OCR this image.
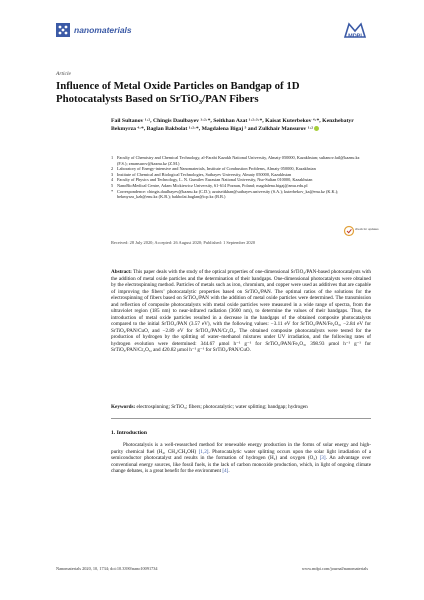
nanomaterials
MDPI
Article
Influence of Metal Oxide Particles on Bandgap of 1D Photocatalysts Based on SrTiO₃/PAN Fibers
Fail Sultanov ¹·², Chingis Daulbayev ¹·²·*, Seitkhan Azat ¹·²·³·*, Kaisat Kuterbekov ⁴·*, Kenzhebatyr Bekmyrza ⁴·*, Baglan Bakbolat ¹·²·*, Magdalena Bigaj ⁵ and Zulkhair Mansurov ¹·²
1 Faculty of Chemistry and Chemical Technology, al-Farabi Kazakh National University, Almaty 050000, Kazakhstan; sultanov.fail@kaznu.kz (F.S.); zmansurov@kaznu.kz (Z.M.)
2 Laboratory of Energy-intensive and Nanomaterials, Institute of Combustion Problems, Almaty 050000, Kazakhstan
3 Institute of Chemical and Biological Technologies, Satbayev University, Almaty 050000, Kazakhstan
4 Faculty of Physics and Technology, L. N. Gumilev Eurasian National University, Nur-Sultan 010000, Kazakhstan
5 NanoBioMedical Centre, Adam Mickiewicz University, 61-614 Poznan, Poland; magdalena.bigaj@amu.edu.pl
* Correspondence: chingis.daulbayev@kaznu.kz (C.D.); azatseitkhan@satbayev.university (S.A.); kuterbekov_ka@enu.kz (K.K.); bekmyrza_kzh@enu.kz (K.B.); bakbolat.baglan@icp.kz (B.B.)
check for updates
Received: 28 July 2020; Accepted: 26 August 2020; Published: 1 September 2020
Abstract: This paper deals with the study of the optical properties of one-dimensional SrTiO₃/PAN-based photocatalysts with the addition of metal oxide particles and the determination of their bandgaps. One-dimensional photocatalysts were obtained by the electrospinning method. Particles of metals such as iron, chromium, and copper were used as additives that are capable of improving the fibers’ photocatalytic properties based on SrTiO₃/PAN. The optimal ratios of the solutions for the electrospinning of fibers based on SrTiO₃/PAN with the addition of metal oxide particles were determined. The transmission and reflection of composite photocatalysts with metal oxide particles were measured in a wide range of spectra, from the ultraviolet region (185 nm) to near-infrared radiation (3600 nm), to determine the values of their bandgaps. Thus, the introduction of metal oxide particles resulted in a decrease in the bandgaps of the obtained composite photocatalysts compared to the initial SrTiO₃/PAN (3.57 eV), with the following values: −3.11 eV for SrTiO₃/PAN/Fe₂O₃, −2.84 eV for SrTiO₃/PAN/CuO, and −2.89 eV for SrTiO₃/PAN/Cr₂O₃. The obtained composite photocatalysts were tested for the production of hydrogen by the splitting of water–methanol mixtures under UV irradiation, and the following rates of hydrogen evolution were determined: 344.67 μmol h⁻¹ g⁻¹ for SrTiO₃/PAN/Fe₂O₃, 398.93 μmol h⁻¹ g⁻¹ for SrTiO₃/PAN/Cr₂O₃, and 420.82 μmol h⁻¹ g⁻¹ for SrTiO₃/PAN/CuO.
Keywords: electrospinning; SrTiO₃; fibers; photocatalytic; water splitting; bandgap; hydrogen
1. Introduction
Photocatalysis is a well-researched method for renewable energy production in the forms of solar energy and high-purity chemical fuel (H₂, CH₄/CH₃OH) [1,2]. Photocatalytic water splitting occurs upon the solar light irradiation of a semiconductor photocatalyst and results in the formation of hydrogen (H₂) and oxygen (O₂) [3]. An advantage over conventional energy sources, like fossil fuels, is the lack of carbon monoxide production, which, in light of ongoing climate change debates, is a great benefit for the environment [4].
Nanomaterials 2020, 10, 1734; doi:10.3390/nano10091734	www.mdpi.com/journal/nanomaterials
